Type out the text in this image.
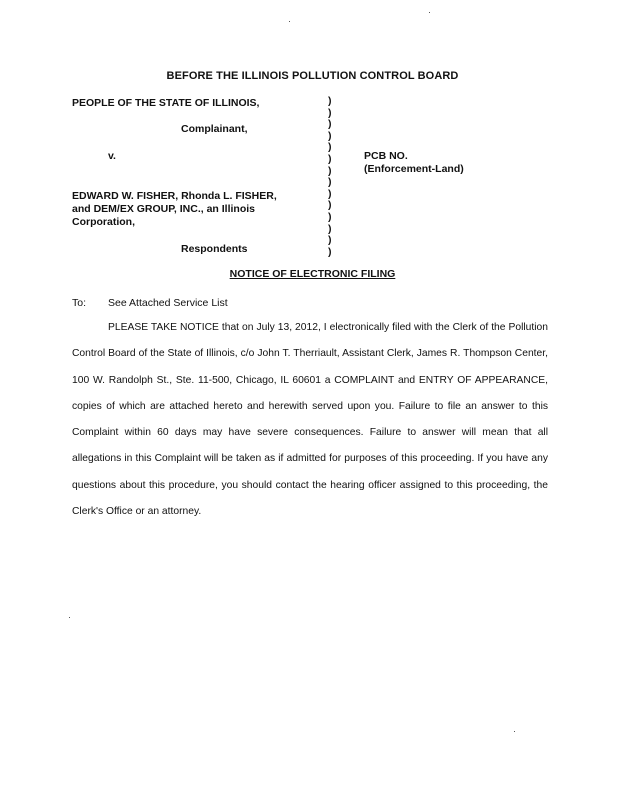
BEFORE THE ILLINOIS POLLUTION CONTROL BOARD
PEOPLE OF THE STATE OF ILLINOIS,
Complainant,
v.
EDWARD W. FISHER, Rhonda L. FISHER,
and DEM/EX GROUP, INC., an Illinois
Corporation,
Respondents
PCB NO.
(Enforcement-Land)
)
)
)
)
)
)
)
)
)
)
)
)
)
)
NOTICE OF ELECTRONIC FILING
To: See Attached Service List

PLEASE TAKE NOTICE that on July 13, 2012, I electronically filed with the Clerk of the Pollution Control Board of the State of Illinois, c/o John T. Therriault, Assistant Clerk, James R. Thompson Center, 100 W. Randolph St., Ste. 11-500, Chicago, IL 60601 a COMPLAINT and ENTRY OF APPEARANCE, copies of which are attached hereto and herewith served upon you. Failure to file an answer to this Complaint within 60 days may have severe consequences. Failure to answer will mean that all allegations in this Complaint will be taken as if admitted for purposes of this proceeding. If you have any questions about this procedure, you should contact the hearing officer assigned to this proceeding, the Clerk's Office or an attorney.
